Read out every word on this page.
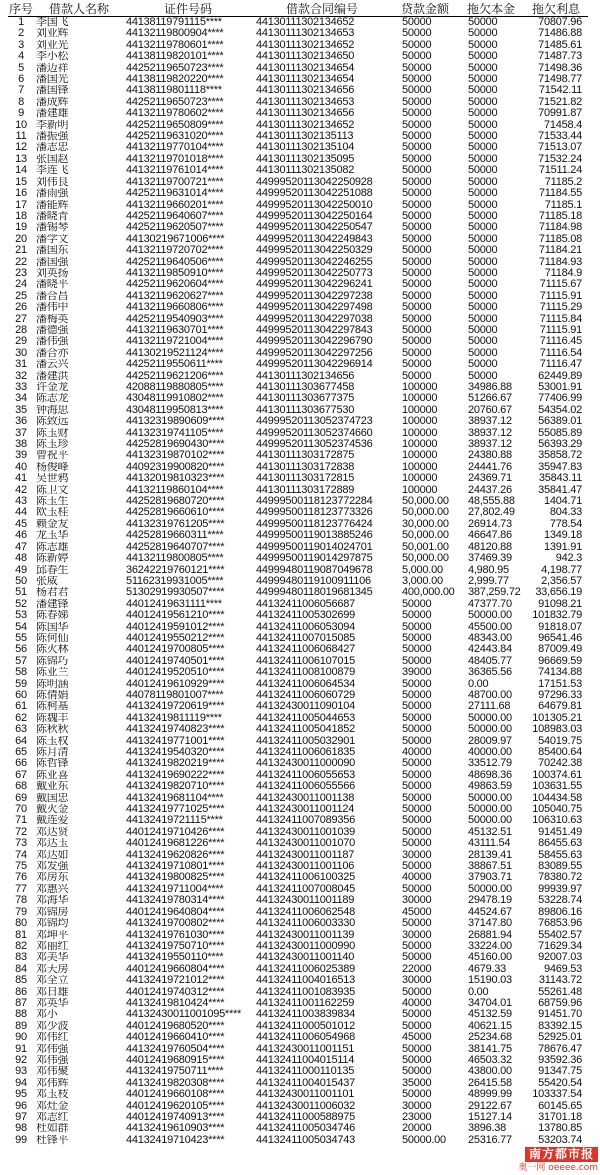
序号	借款人名称	证件号码	借款合同编号	贷款金额	拖欠本金	拖欠利息
1	李国飞	44138119791115****	44130111302134652	50000	50000	70807.96
2	刘业辉	44132119800904****	44130111302134653	50000	50000	71486.88
3	刘业光	44132119780601****	44130111302134652	50000	50000	71485.61
4	李小松	44138119820101****	44130111302134650	50000	50000	71487.73
5	潘迈祥	44252119650723****	44130111302134654	50000	50000	71498.36
6	潘国光	44138119820220****	44130111302134654	50000	50000	71498.77
7	潘国锋	44138119801118****	44130111302134656	50000	50000	71542.11
8	潘成辉	44252119650723****	44130111302134653	50000	50000	71521.82
9	潘建雄	44132119780602****	44130111302134656	50000	50000	70991.87
10	李新明	44252119650809****	44130111302134652	50000	50000	71458.4
11	潘振强	44252119631020****	44130111302135113	50000	50000	71533.44
12	潘志忠	44132119770104****	44130111302135104	50000	50000	71513.07
13	张国赵	44132119701018****	44130111302135095	50000	50000	71532.24
14	李连飞	44132119761014****	44130111302135082	50000	50000	71511.24
15	刘伟良	44132119700721****	44999520113042250928	50000	50000	71185.2
16	潘雨强	44252119631014****	44999520113042251088	50000	50000	71184.55
17	潘能辉	44132119660201****	44999520113042250010	50000	50000	71185.1
18	潘晓青	44252119640607****	44999520113042250164	50000	50000	71185.18
19	潘锡琴	44252119620507****	44999520113042250547	50000	50000	71184.98
20	潘学文	44130219671006****	44999520113042249843	50000	50000	71185.08
21	潘国东	44132119720702****	44999520113042250329	50000	50000	71184.21
22	潘国强	44252119640506****	44999520113042246255	50000	50000	71184.93
23	刘英扬	44132119850910****	44999520113042250773	50000	50000	71184.9
24	潘晓平	44252119620604****	44999520113042296241	50000	50000	71115.67
25	潘合昌	44132119620627****	44999520113042297238	50000	50000	71115.91
26	潘伟中	44132119660806****	44999520113042297498	50000	50000	71115.29
27	潘梅英	44252119540903****	44999520113042297038	50000	50000	71115.84
28	潘德强	44132119630701****	44999520113042297843	50000	50000	71115.91
29	潘伟强	44132119721004****	44999520113042296790	50000	50000	71116.45
30	潘合亦	44130219521124****	44999520113042297256	50000	50000	71116.54
31	潘云兴	44252119550611****	44999520113042296914	50000	50000	71116.47
32	潘建洪	44252119621206****	44130111302134656	50000	50000	62449.89
33	许金龙	42088119880805****	44130111303677458	100000	34986.88	53001.91
34	陈志龙	43048119910802****	44130111303677375	100000	51266.67	77406.99
35	钟海思	43048119950813****	44130111303677530	100000	20760.67	54354.02
36	陈致远	44132319890609****	44999520113052374723	100000	38937.12	56389.01
37	陈玉财	44132319741105****	44999520113052374660	100000	38937.12	55085.89
38	陈玉珍	44252819690430****	44999520113052374536	100000	38937.12	56393.29
39	曾祝平	44132319870102****	44130111303172875	100000	24380.88	35858.72
40	杨俊峰	44092319900820****	44130111303172838	100000	24441.76	35947.83
41	吴世鸦	44132019810323****	44130111303172815	100000	24369.71	35843.11
42	陈卫文	44132119860104****	44130111303172889	100000	24437.26	35841.47
43	陈玉生	44252819680720****	44999500118123772284	50,000.00	48,555.88	1404.71
44	欧玉桂	44252819660610****	44999500118123773326	50,000.00	27,802.49	804.33
45	赖金友	44132319761205****	44999500118123776424	30,000.00	26914.73	778.54
46	龙玉华	44252819660311****	44999500119013885246	50,000.00	46647.86	1349.18
47	陈志雄	44252819640707****	44999500119014024701	50,001.00	48120.88	1391.91
48	陈新婷	44132119800805****	44999500119014297875	50,000.00	37469.39	942.3
49	邱春生	36242219760121****	44999480119087049678	5,000.00	4,980.95	4,198.77
50	张威	51162319931005****	44999480119100911106	3,000.00	2,999.77	2,356.57
51	杨君君	51302919930507****	44999480118019681345	400,000.00	387,259.72	33,656.19
52	潘建锋	44012419631111****	44132411006056687	50000	47377.70	91098.21
53	陈春娣	44012419561210****	44132411005302699	50000	50000.00	101832.79
54	陈国华	44012419591012****	44132411006053094	50000	45500.00	91818.07
55	陈何仙	44012419550212****	44132411007015085	50000	48343.00	96541.46
56	陈火林	44012419700805****	44132411006068427	50000	42443.84	87009.49
57	陈锦巧	44012419740501****	44132411006107015	50000	48405.77	96669.59
58	陈亚兰	44012419520510****	44132411008100879	39000	36365.56	74134.88
59	陈明涵	44012419610929****	44132411006064534	50000	0.00	17151.53
60	陈倩娟	44078119801007****	44132411006060729	50000	48700.00	97296.33
61	陈柯基	44132419720619****	44132430011090104	50000	27111.68	64679.81
62	陈魏丰	44132419811119****	44132411005044653	50000	50000.00	101305.21
63	陈秋秋	44132419740823****	44132411005041852	50000	50000.00	108983.03
64	陈玉权	44132419771001****	44132411005032901	50000	28009.97	54019.75
65	陈月清	44132419540320****	44132411006061835	40000	40000.00	85400.64
66	陈哲锋	44132419820219****	44132430011000090	50000	33512.79	70242.38
67	陈亚喜	44132419690222****	44132411006055653	50000	48698.36	100374.61
68	戴亚东	44132419820710****	44132411006055566	50000	49863.59	103631.55
69	戴国忠	44132419681104****	44132430011001138	50000	50000.00	104434.58
70	戴火金	44132419771025****	44132430011001124	50000	50000.00	105040.75
71	戴连爱	44132419721115****	44132411007089356	50000	50000.00	106310.63
72	邓达贤	44012419710426****	44132430011001039	50000	45132.51	91451.49
73	邓达玉	44012419681226****	44132430011001070	50000	43111.54	86455.63
74	邓达如	44132419620826****	44132430011001187	30000	28139.41	58455.63
75	邓发强	44132419710801****	44132430011001106	50000	38867.51	83089.55
76	邓房东	44132419800825****	44132411006100325	40000	37903.71	78380.72
77	邓惠兴	44132419711004****	44132411007008045	50000	50000.00	99939.97
78	邓海华	44132419780314****	44132430011001189	30000	29478.19	53228.74
79	邓锦房	44012419640804****	44132411006062548	45000	44524.67	89806.16
80	邓锦均	44132419700802****	44132411006003330	50000	37147.80	76853.96
81	邓坤平	44132419761030****	44132430011001139	30000	26881.94	55402.57
82	邓丽红	44132419750710****	44132430011000990	50000	33224.00	71629.34
83	邓美华	44132419550110****	44132430011001140	50000	45160.00	92007.03
84	邓天房	44012419660804****	44132411006025389	22000	4679.33	9469.53
85	邓全立	44132419721012****	44132411004016513	30000	15190.03	31143.72
86	邓日雄	44012419740312****	44132411001083935	50000	0.00	55261.48
87	邓英华	44132419810424****	44132411001162259	40000	34704.01	68759.96
88	邓小	44132430011001095****	44132411003839834	50000	45132.59	91451.70
89	邓少波	44012419680520****	44132411000501012	50000	40621.15	83392.15
90	邓伟红	44012419660410****	44132411006054968	45000	25234.68	52925.01
91	邓伟强	44132419760504****	44132430011001151	50000	38141.75	78676.47
92	邓伟强	44012419680915****	44132411004015114	50000	46503.32	93592.36
93	邓伟聚	44132419750711****	44132411000110135	50000	43800.00	91347.75
94	邓伟辉	44132419820308****	44132411004015437	35000	26415.58	55420.54
95	邓玉枝	44012419660108****	44132430011001101	50000	48999.99	103337.54
96	邓灶金	44012419620105****	44132430011006032	30000	29122.67	60145.65
97	邓志红	44012419740913****	44132411000588975	23000	15127.14	31701.18
98	杜如群	44132419610903****	44132411005034746	20000	3896.38	13780.85
99	杜锋平	44132419710423****	44132411005034743	50000.00	25316.77	53203.74
南方都市报
奥一网 oeeee.com
